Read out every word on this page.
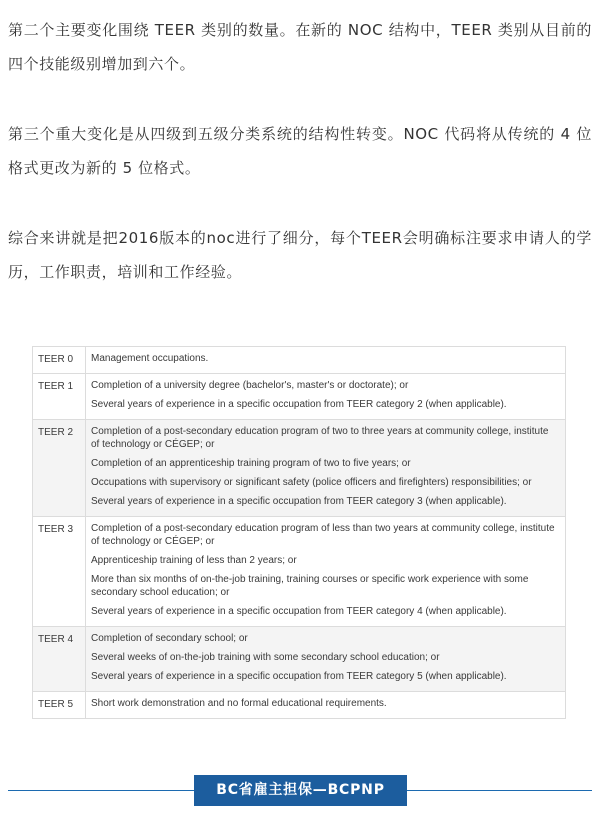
第二个主要变化围绕 TEER 类别的数量。在新的 NOC 结构中，TEER 类别从目前的四个技能级别增加到六个。

第三个重大变化是从四级到五级分类系统的结构性转变。NOC 代码将从传统的 4 位格式更改为新的 5 位格式。

综合来讲就是把2016版本的noc进行了细分，每个TEER会明确标注要求申请人的学历，工作职责，培训和工作经验。

TEER 0	Management occupations.

TEER 1	Completion of a university degree (bachelor's, master's or doctorate); or
Several years of experience in a specific occupation from TEER category 2 (when applicable).

TEER 2	Completion of a post-secondary education program of two to three years at community college, institute of technology or CÉGEP; or
Completion of an apprenticeship training program of two to five years; or
Occupations with supervisory or significant safety (police officers and firefighters) responsibilities; or
Several years of experience in a specific occupation from TEER category 3 (when applicable).

TEER 3	Completion of a post-secondary education program of less than two years at community college, institute of technology or CÉGEP; or
Apprenticeship training of less than 2 years; or
More than six months of on-the-job training, training courses or specific work experience with some secondary school education; or
Several years of experience in a specific occupation from TEER category 4 (when applicable).

TEER 4	Completion of secondary school; or
Several weeks of on-the-job training with some secondary school education; or
Several years of experience in a specific occupation from TEER category 5 (when applicable).

TEER 5	Short work demonstration and no formal educational requirements.
BC省雇主担保—BCPNP
